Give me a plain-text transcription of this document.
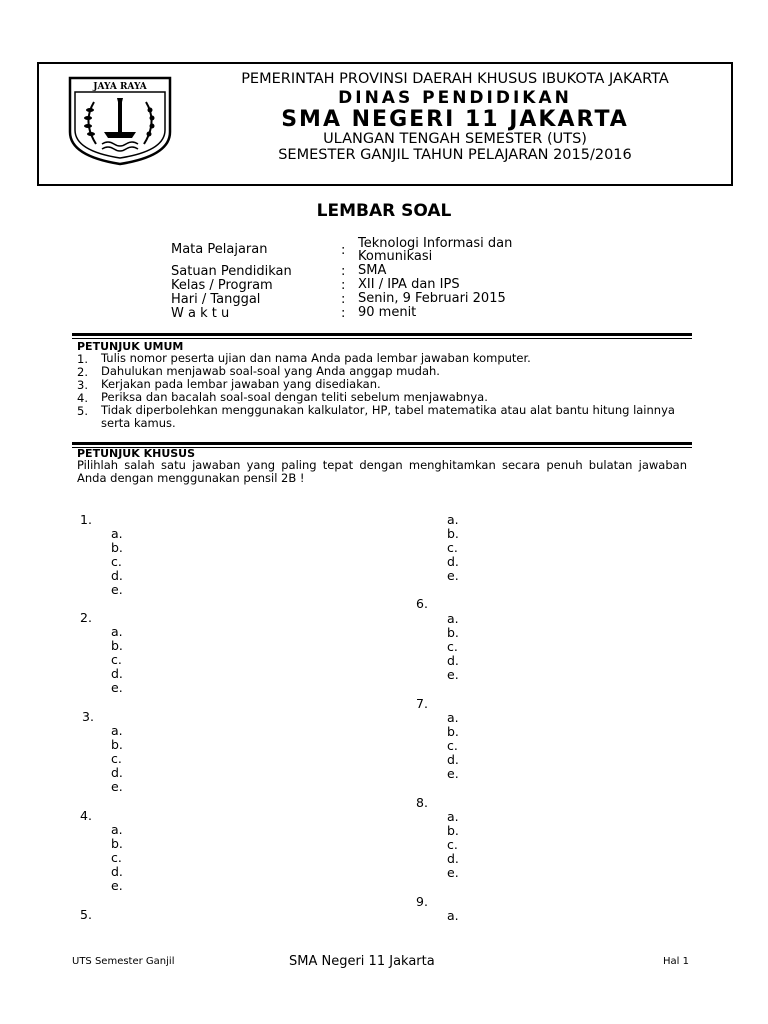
JAYA RAYA	PEMERINTAH PROVINSI DAERAH KHUSUS IBUKOTA JAKARTA
DINAS PENDIDIKAN
SMA NEGERI 11 JAKARTA
ULANGAN TENGAH SEMESTER (UTS)
SEMESTER GANJIL TAHUN PELAJARAN 2015/2016
LEMBAR SOAL
Mata Pelajaran	: Teknologi Informasi dan Komunikasi
Satuan Pendidikan	: SMA
Kelas / Program	: XII / IPA dan IPS
Hari / Tanggal	: Senin, 9 Februari 2015
W a k t u	: 90 menit
PETUNJUK UMUM
1. Tulis nomor peserta ujian dan nama Anda pada lembar jawaban komputer.
2. Dahulukan menjawab soal-soal yang Anda anggap mudah.
3. Kerjakan pada lembar jawaban yang disediakan.
4. Periksa dan bacalah soal-soal dengan teliti sebelum menjawabnya.
5. Tidak diperbolehkan menggunakan kalkulator, HP, tabel matematika atau alat bantu hitung lainnya serta kamus.
PETUNJUK KHUSUS
Pilihlah salah satu jawaban yang paling tepat dengan menghitamkan secara penuh bulatan jawaban Anda dengan menggunakan pensil 2B !
1.
a.
b.
c.
d.
e.
2.
a.
b.
c.
d.
e.
3.
a.
b.
c.
d.
e.
4.
a.
b.
c.
d.
e.
5.
a.
b.
c.
d.
e.
6.
a.
b.
c.
d.
e.
7.
a.
b.
c.
d.
e.
8.
a.
b.
c.
d.
e.
9.
a.
UTS Semester Ganjil	SMA Negeri 11 Jakarta	Hal 1
